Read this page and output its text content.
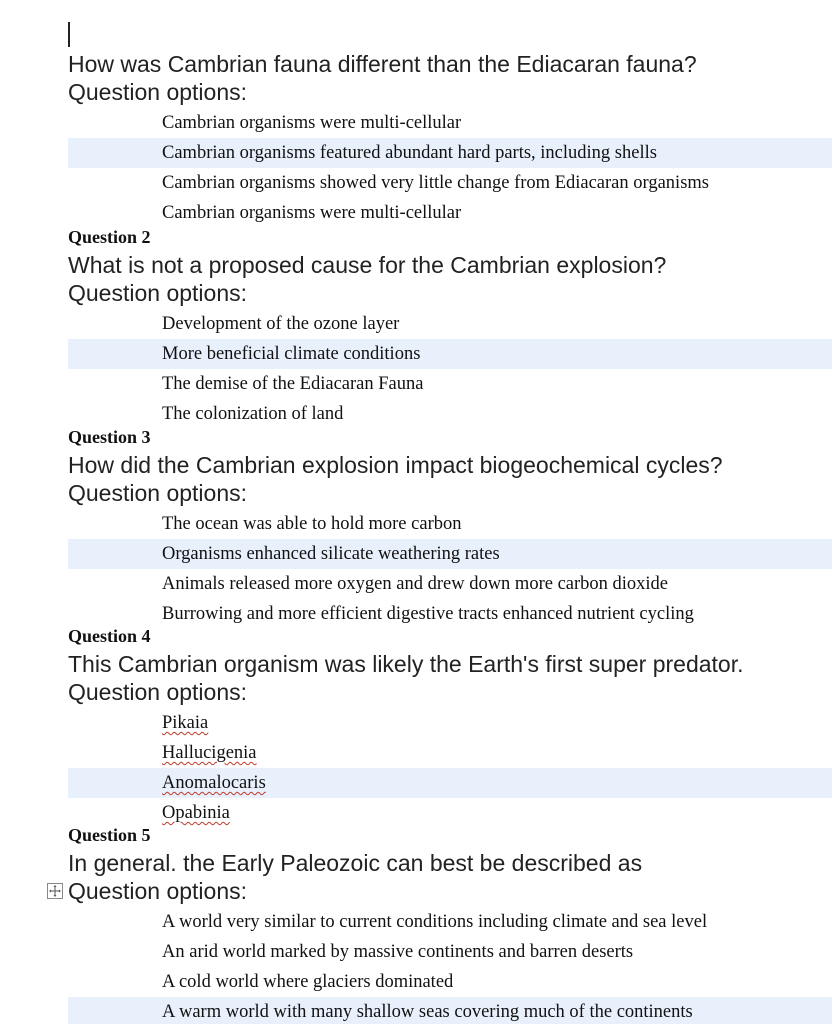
How was Cambrian fauna different than the Ediacaran fauna?
Question options:
Cambrian organisms were multi-cellular
Cambrian organisms featured abundant hard parts, including shells
Cambrian organisms showed very little change from Ediacaran organisms
Cambrian organisms were multi-cellular
Question 2
What is not a proposed cause for the Cambrian explosion?
Question options:
Development of the ozone layer
More beneficial climate conditions
The demise of the Ediacaran Fauna
The colonization of land
Question 3
How did the Cambrian explosion impact biogeochemical cycles?
Question options:
The ocean was able to hold more carbon
Organisms enhanced silicate weathering rates
Animals released more oxygen and drew down more carbon dioxide
Burrowing and more efficient digestive tracts enhanced nutrient cycling
Question 4
This Cambrian organism was likely the Earth's first super predator.
Question options:
Pikaia
Hallucigenia
Anomalocaris
Opabinia
Question 5
In general. the Early Paleozoic can best be described as
Question options:
A world very similar to current conditions including climate and sea level
An arid world marked by massive continents and barren deserts
A cold world where glaciers dominated
A warm world with many shallow seas covering much of the continents
